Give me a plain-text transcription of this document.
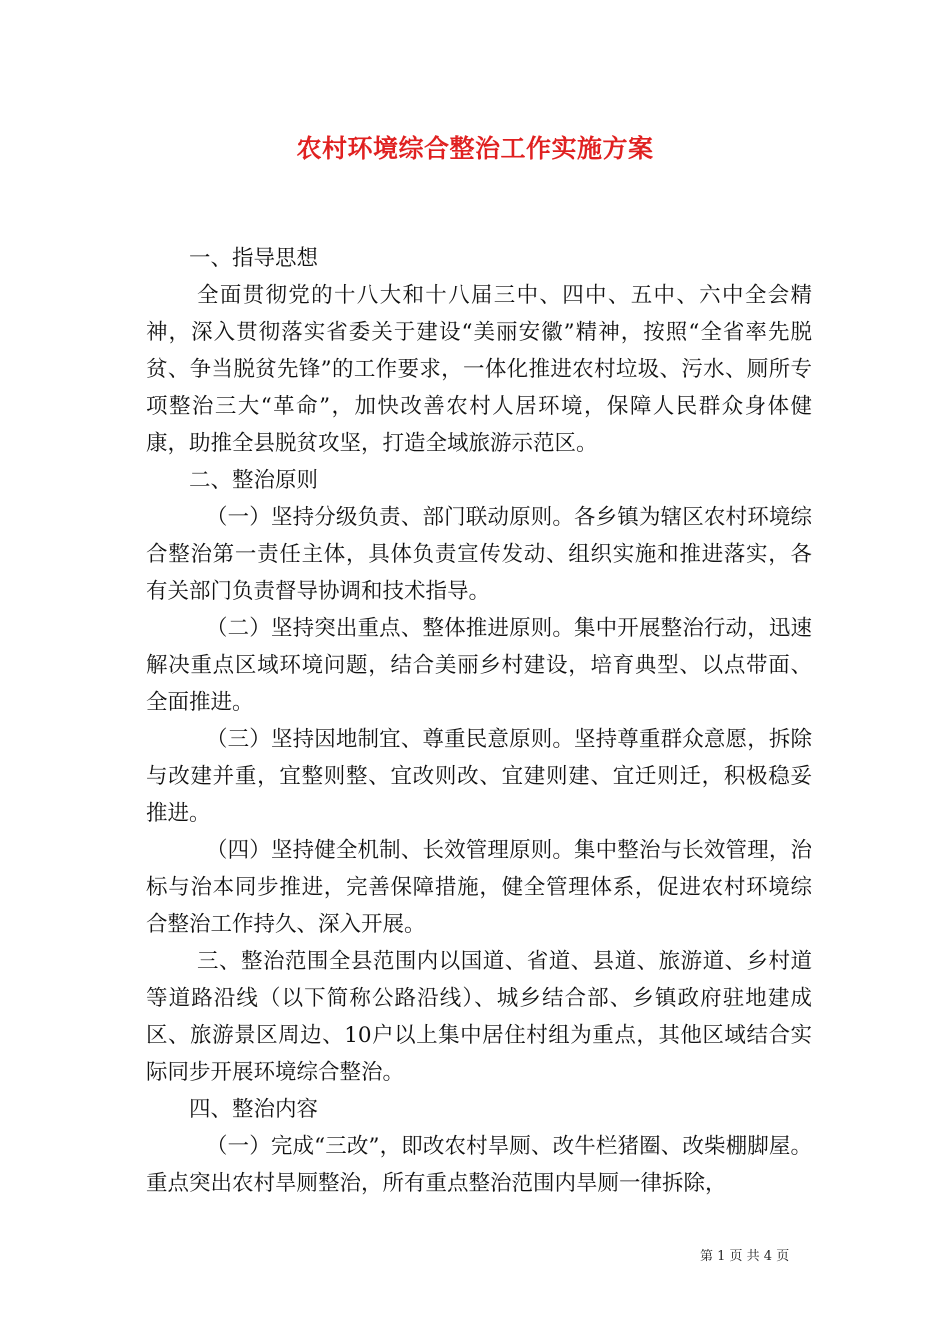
农村环境综合整治工作实施方案

一、指导思想

全面贯彻党的十八大和十八届三中、四中、五中、六中全会精神，深入贯彻落实省委关于建设“美丽安徽”精神，按照“全省率先脱贫、争当脱贫先锋”的工作要求，一体化推进农村垃圾、污水、厕所专项整治三大“革命”，加快改善农村人居环境，保障人民群众身体健康，助推全县脱贫攻坚，打造全域旅游示范区。

二、整治原则

（一）坚持分级负责、部门联动原则。各乡镇为辖区农村环境综合整治第一责任主体，具体负责宣传发动、组织实施和推进落实，各有关部门负责督导协调和技术指导。

（二）坚持突出重点、整体推进原则。集中开展整治行动，迅速解决重点区域环境问题，结合美丽乡村建设，培育典型、以点带面、全面推进。

（三）坚持因地制宜、尊重民意原则。坚持尊重群众意愿，拆除与改建并重，宜整则整、宜改则改、宜建则建、宜迁则迁，积极稳妥推进。

（四）坚持健全机制、长效管理原则。集中整治与长效管理，治标与治本同步推进，完善保障措施，健全管理体系，促进农村环境综合整治工作持久、深入开展。

三、整治范围全县范围内以国道、省道、县道、旅游道、乡村道等道路沿线（以下简称公路沿线）、城乡结合部、乡镇政府驻地建成区、旅游景区周边、10户以上集中居住村组为重点，其他区域结合实际同步开展环境综合整治。

四、整治内容

（一）完成“三改”，即改农村旱厕、改牛栏猪圈、改柴棚脚屋。重点突出农村旱厕整治，所有重点整治范围内旱厕一律拆除，

第 1 页 共 4 页
